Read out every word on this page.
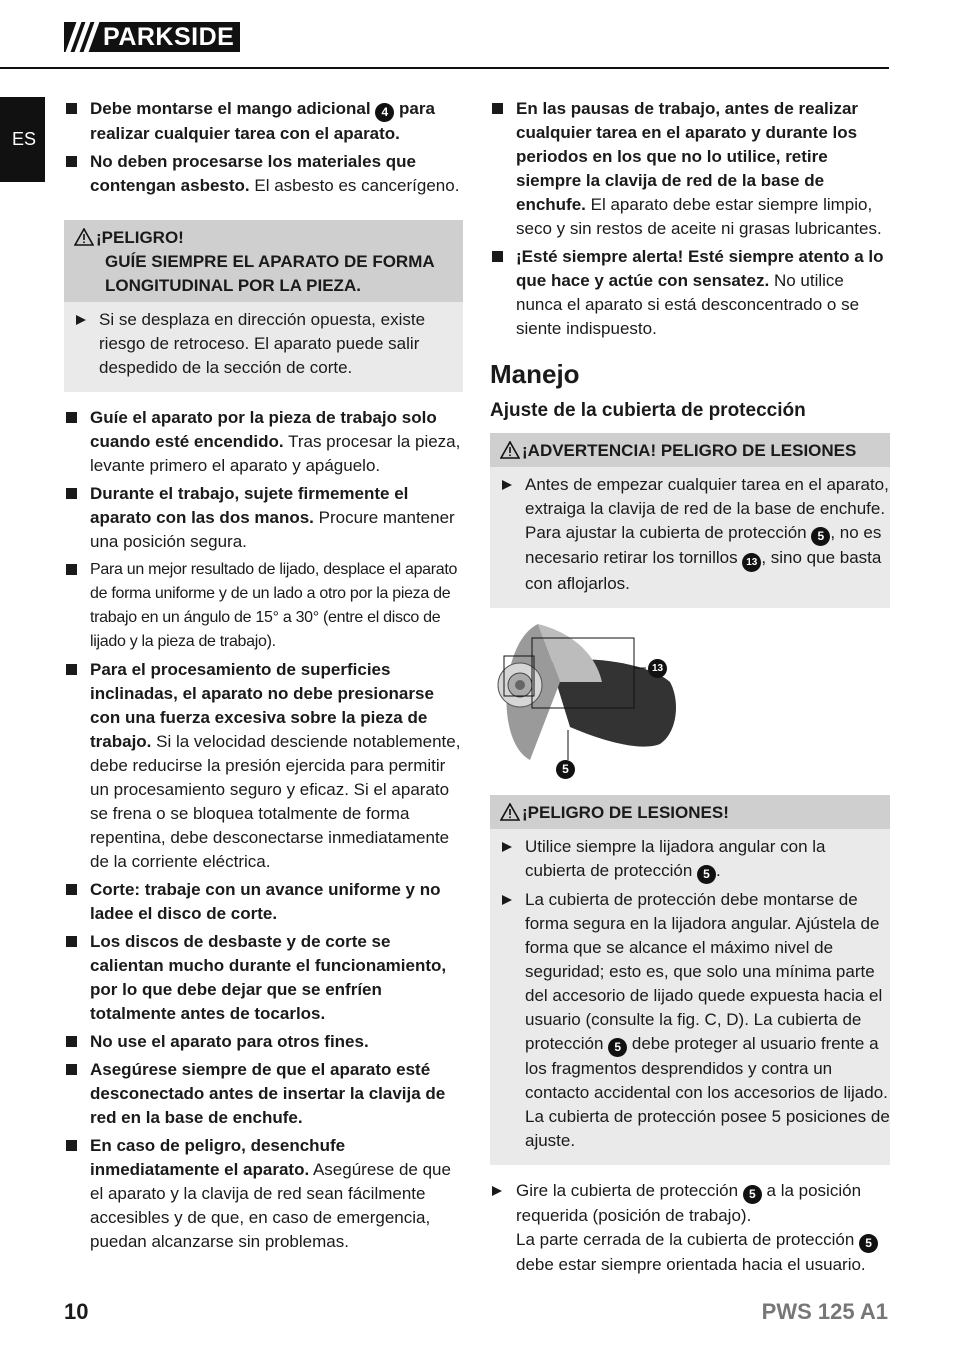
PARKSIDE
ES
Debe montarse el mango adicional 4 para realizar cualquier tarea con el aparato.
No deben procesarse los materiales que contengan asbesto. El asbesto es cancerígeno.
¡PELIGRO!
GUÍE SIEMPRE EL APARATO DE FORMA LONGITUDINAL POR LA PIEZA.
Si se desplaza en dirección opuesta, existe riesgo de retroceso. El aparato puede salir despedido de la sección de corte.
Guíe el aparato por la pieza de trabajo solo cuando esté encendido. Tras procesar la pieza, levante primero el aparato y apáguelo.
Durante el trabajo, sujete firmemente el aparato con las dos manos. Procure mantener una posición segura.
Para un mejor resultado de lijado, desplace el aparato de forma uniforme y de un lado a otro por la pieza de trabajo en un ángulo de 15° a 30° (entre el disco de lijado y la pieza de trabajo).
Para el procesamiento de superficies inclinadas, el aparato no debe presionarse con una fuerza excesiva sobre la pieza de trabajo. Si la velocidad desciende notablemente, debe reducirse la presión ejercida para permitir un procesamiento seguro y eficaz. Si el aparato se frena o se bloquea totalmente de forma repentina, debe desconectarse inmediatamente de la corriente eléctrica.
Corte: trabaje con un avance uniforme y no ladee el disco de corte.
Los discos de desbaste y de corte se calientan mucho durante el funcionamiento, por lo que debe dejar que se enfríen totalmente antes de tocarlos.
No use el aparato para otros fines.
Asegúrese siempre de que el aparato esté desconectado antes de insertar la clavija de red en la base de enchufe.
En caso de peligro, desenchufe inmediatamente el aparato. Asegúrese de que el aparato y la clavija de red sean fácilmente accesibles y de que, en caso de emergencia, puedan alcanzarse sin problemas.
En las pausas de trabajo, antes de realizar cualquier tarea en el aparato y durante los periodos en los que no lo utilice, retire siempre la clavija de red de la base de enchufe. El aparato debe estar siempre limpio, seco y sin restos de aceite ni grasas lubricantes.
¡Esté siempre alerta! Esté siempre atento a lo que hace y actúe con sensatez. No utilice nunca el aparato si está desconcentrado o se siente indispuesto.
Manejo
Ajuste de la cubierta de protección
¡ADVERTENCIA! PELIGRO DE LESIONES
Antes de empezar cualquier tarea en el aparato, extraiga la clavija de red de la base de enchufe. Para ajustar la cubierta de protección 5 , no es necesario retirar los tornillos 13 , sino que basta con aflojarlos.
13
5
¡PELIGRO DE LESIONES!
Utilice siempre la lijadora angular con la cubierta de protección 5 .
La cubierta de protección debe montarse de forma segura en la lijadora angular. Ajústela de forma que se alcance el máximo nivel de seguridad; esto es, que solo una mínima parte del accesorio de lijado quede expuesta hacia el usuario (consulte la fig. C, D). La cubierta de protección 5 debe proteger al usuario frente a los fragmentos desprendidos y contra un contacto accidental con los accesorios de lijado. La cubierta de protección posee 5 posiciones de ajuste.
Gire la cubierta de protección 5 a la posición requerida (posición de trabajo).
La parte cerrada de la cubierta de protección 5 debe estar siempre orientada hacia el usuario.
10	PWS 125 A1
